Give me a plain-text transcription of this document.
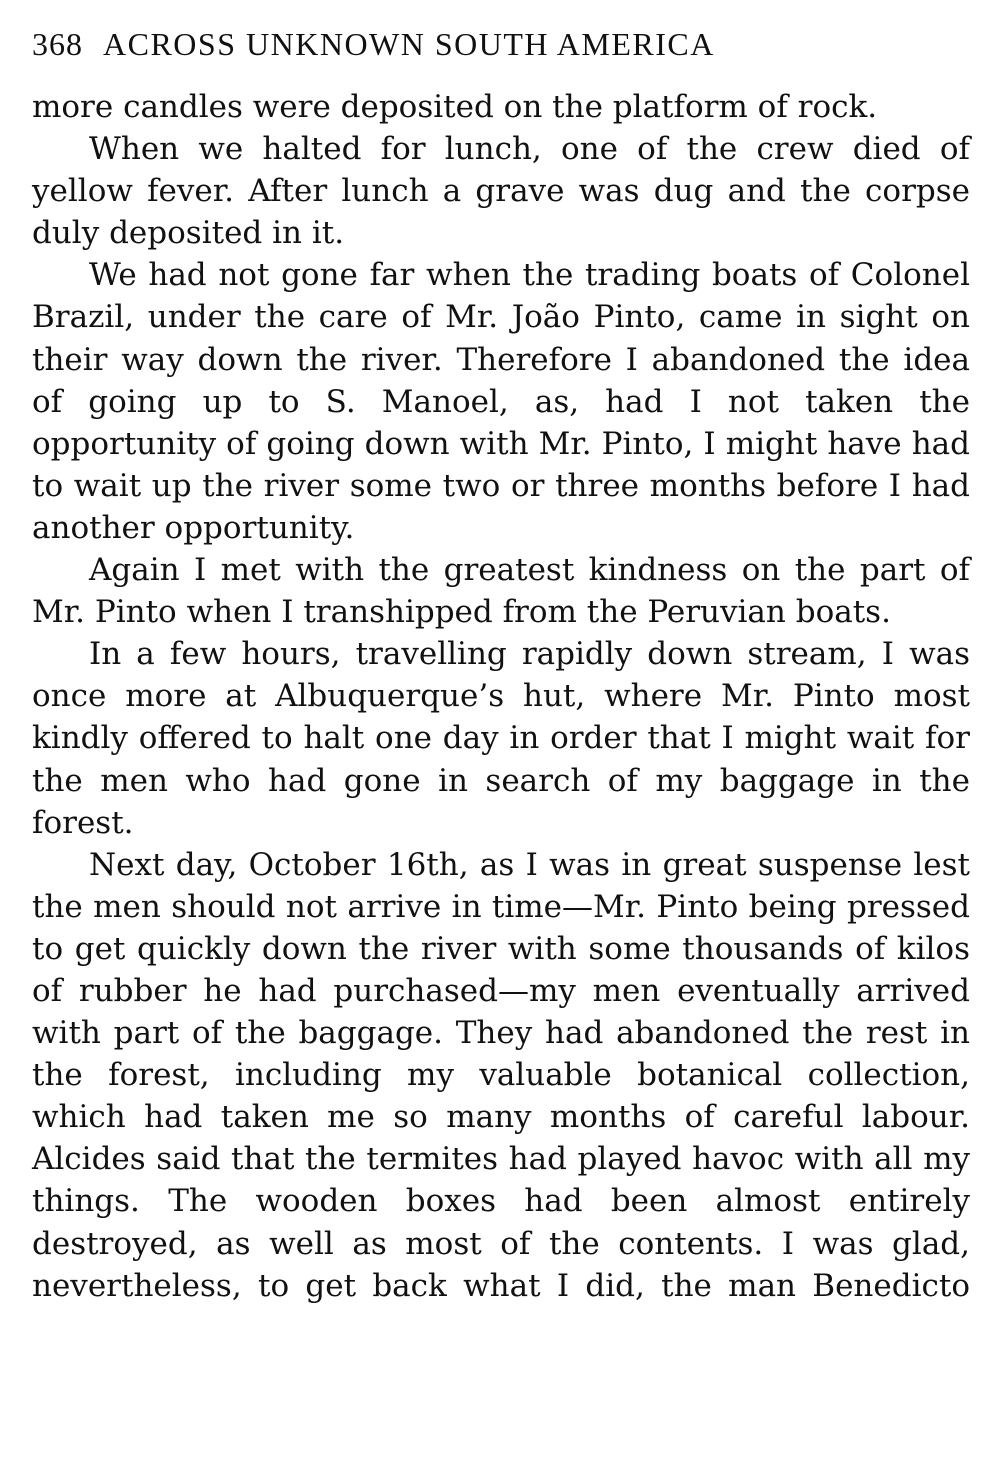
368 ACROSS UNKNOWN SOUTH AMERICA

more candles were deposited on the platform of rock.

When we halted for lunch, one of the crew died of yellow fever. After lunch a grave was dug and the corpse duly deposited in it.

We had not gone far when the trading boats of Colonel Brazil, under the care of Mr. João Pinto, came in sight on their way down the river. Therefore I abandoned the idea of going up to S. Manoel, as, had I not taken the opportunity of going down with Mr. Pinto, I might have had to wait up the river some two or three months before I had another opportunity.

Again I met with the greatest kindness on the part of Mr. Pinto when I transhipped from the Peruvian boats.

In a few hours, travelling rapidly down stream, I was once more at Albuquerque’s hut, where Mr. Pinto most kindly offered to halt one day in order that I might wait for the men who had gone in search of my baggage in the forest.

Next day, October 16th, as I was in great suspense lest the men should not arrive in time—Mr. Pinto being pressed to get quickly down the river with some thousands of kilos of rubber he had purchased—my men eventually arrived with part of the baggage. They had abandoned the rest in the forest, including my valuable botanical collection, which had taken me so many months of careful labour. Alcides said that the termites had played havoc with all my things. The wooden boxes had been almost entirely destroyed, as well as most of the contents. I was glad, nevertheless, to get back what I did, the man Benedicto
